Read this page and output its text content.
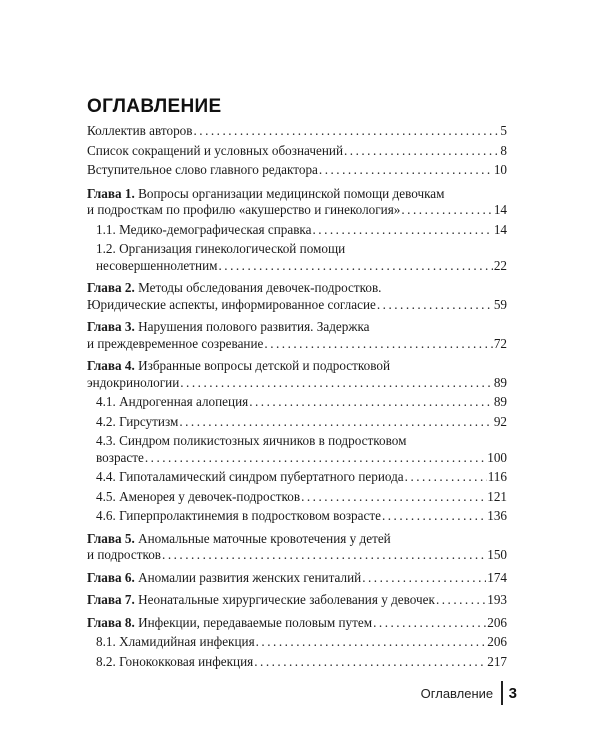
ОГЛАВЛЕНИЕ
Коллектив авторов . . .	5
Список сокращений и условных обозначений . . .	8
Вступительное слово главного редактора . . .	10
Глава 1. Вопросы организации медицинской помощи девочкам
и подросткам по профилю «акушерство и гинекология» . . .	14
1.1. Медико-демографическая справка . . .	14
1.2. Организация гинекологической помощи
несовершеннолетним . . .	22
Глава 2. Методы обследования девочек-подростков.
Юридические аспекты, информированное согласие . . .	59
Глава 3. Нарушения полового развития. Задержка
и преждевременное созревание . . .	72
Глава 4. Избранные вопросы детской и подростковой
эндокринологии . . .	89
4.1. Андрогенная алопеция . . .	89
4.2. Гирсутизм . . .	92
4.3. Синдром поликистозных яичников в подростковом
возрасте . . .	100
4.4. Гипоталамический синдром пубертатного периода . . .	116
4.5. Аменорея у девочек-подростков . . .	121
4.6. Гиперпролактинемия в подростковом возрасте . . .	136
Глава 5. Аномальные маточные кровотечения у детей
и подростков . . .	150
Глава 6. Аномалии развития женских гениталий . . .	174
Глава 7. Неонатальные хирургические заболевания у девочек . . .	193
Глава 8. Инфекции, передаваемые половым путем . . .	206
8.1. Хламидийная инфекция . . .	206
8.2. Гонококковая инфекция . . .	217
Оглавление 3
